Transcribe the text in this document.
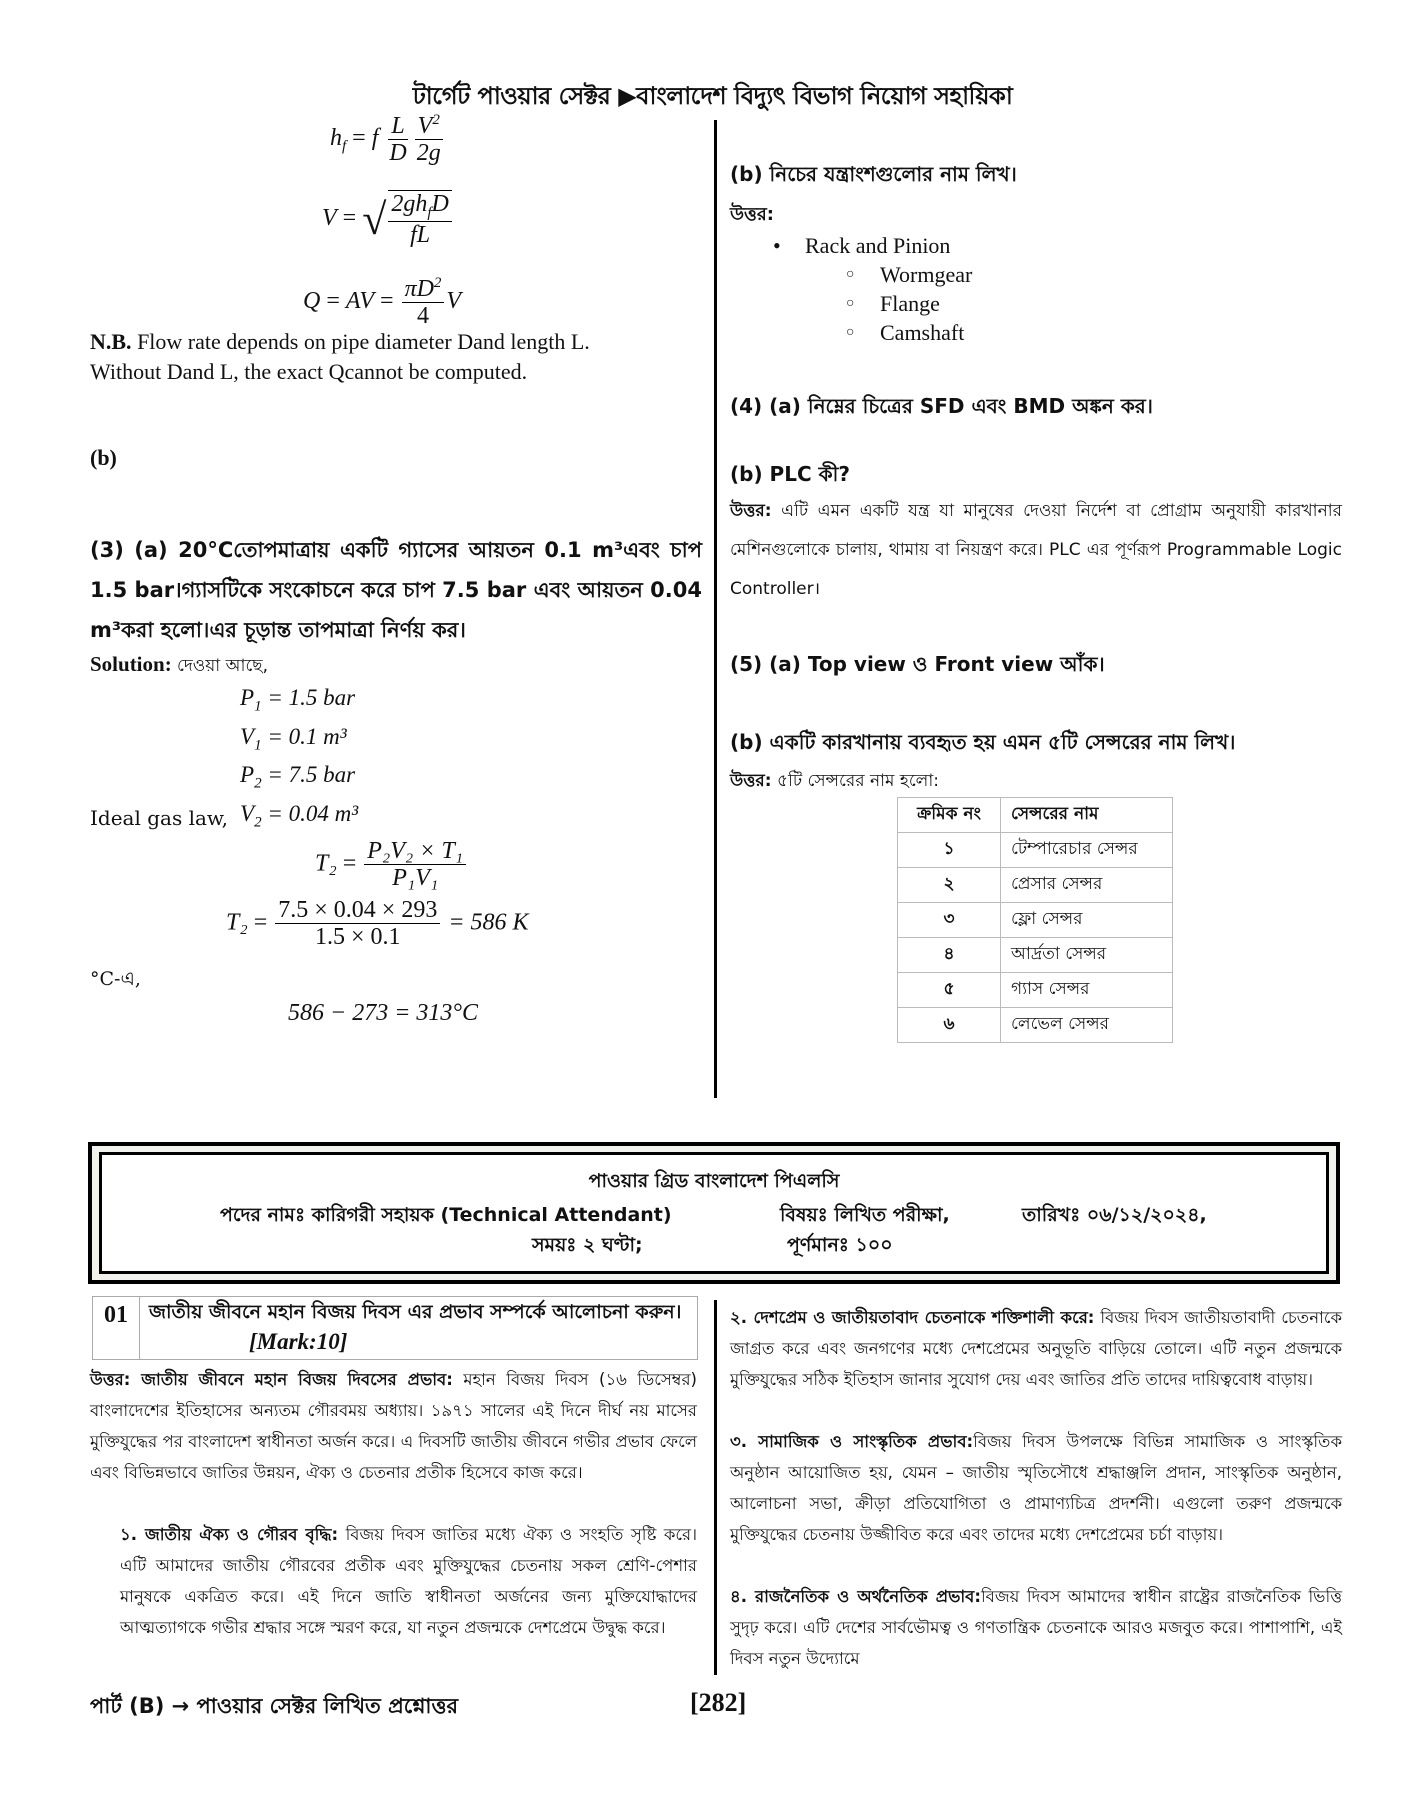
টার্গেট পাওয়ার সেক্টর ▶বাংলাদেশ বিদ্যুৎ বিভাগ নিয়োগ সহায়িকা
$h_f = f \frac{L}{D} \frac{V^2}{2g}$
V = √ $\frac{2gh_fD}{fL}$
Q = AV = $\frac{\pi D^2}{4}$ V
N.B. Flow rate depends on pipe diameter Dand length L.
Without Dand L, the exact Qcannot be computed.
(b)
(3) (a) 20°Cতোপমাত্রায় একটি গ্যাসের আয়তন 0.1 m³এবং চাপ 1.5 bar।গ্যাসটিকে সংকোচনে করে চাপ 7.5 bar এবং আয়তন 0.04 m³করা হলো।এর চূড়ান্ত তাপমাত্রা নির্ণয় কর।
Solution: দেওয়া আছে,
$P_1 = 1.5$ bar
$V_1 = 0.1$ m³
$P_2 = 7.5$ bar
$V_2 = 0.04$ m³
Ideal gas law,
$T_2 = \frac{\text{P₂V₂ × T₁}}{\text{P₁V₁}}$
$T_2 = \frac{7.5 \times 0.04 \times 293}{1.5 \times 0.1} = 586$ K
°C-এ,
586 − 273 = 313°C
(b) নিচের যন্ত্রাংশগুলোর নাম লিখ।
উত্তর:
• Rack and Pinion
○ Wormgear
○ Flange
○ Camshaft
(4) (a) নিম্নের চিত্রের SFD এবং BMD অঙ্কন কর।
(b) PLC কী?
উত্তর: এটি এমন একটি যন্ত্র যা মানুষের দেওয়া নির্দেশ বা প্রোগ্রাম অনুযায়ী কারখানার মেশিনগুলোকে চালায়, থামায় বা নিয়ন্ত্রণ করে। PLC এর পূর্ণরূপ Programmable Logic Controller।
(5) (a) Top view ও Front view আঁক।
(b) একটি কারখানায় ব্যবহৃত হয় এমন ৫টি সেন্সরের নাম লিখ।
উত্তর: ৫টি সেন্সরের নাম হলো:
ক্রমিক নং	সেন্সরের নাম
১	টেম্পারেচার সেন্সর
২	প্রেসার সেন্সর
৩	ফ্লো সেন্সর
৪	আর্দ্রতা সেন্সর
৫	গ্যাস সেন্সর
৬	লেভেল সেন্সর
পাওয়ার গ্রিড বাংলাদেশ পিএলসি
পদের নামঃ কারিগরী সহায়ক (Technical Attendant)	বিষয়ঃ লিখিত পরীক্ষা,	তারিখঃ ০৬/১২/২০২৪,
সময়ঃ ২ ঘণ্টা;	পূর্ণমানঃ ১০০
01	জাতীয় জীবনে মহান বিজয় দিবস এর প্রভাব সম্পর্কে আলোচনা করুন।[Mark:10]
উত্তর: জাতীয় জীবনে মহান বিজয় দিবসের প্রভাব: মহান বিজয় দিবস (১৬ ডিসেম্বর) বাংলাদেশের ইতিহাসের অন্যতম গৌরবময় অধ্যায়। ১৯৭১ সালের এই দিনে দীর্ঘ নয় মাসের মুক্তিযুদ্ধের পর বাংলাদেশ স্বাধীনতা অর্জন করে। এ দিবসটি জাতীয় জীবনে গভীর প্রভাব ফেলে এবং বিভিন্নভাবে জাতির উন্নয়ন, ঐক্য ও চেতনার প্রতীক হিসেবে কাজ করে।
১. জাতীয় ঐক্য ও গৌরব বৃদ্ধি: বিজয় দিবস জাতির মধ্যে ঐক্য ও সংহতি সৃষ্টি করে। এটি আমাদের জাতীয় গৌরবের প্রতীক এবং মুক্তিযুদ্ধের চেতনায় সকল শ্রেণি-পেশার মানুষকে একত্রিত করে। এই দিনে জাতি স্বাধীনতা অর্জনের জন্য মুক্তিযোদ্ধাদের আত্মত্যাগকে গভীর শ্রদ্ধার সঙ্গে স্মরণ করে, যা নতুন প্রজন্মকে দেশপ্রেমে উদ্বুদ্ধ করে।
২. দেশপ্রেম ও জাতীয়তাবাদ চেতনাকে শক্তিশালী করে: বিজয় দিবস জাতীয়তাবাদী চেতনাকে জাগ্রত করে এবং জনগণের মধ্যে দেশপ্রেমের অনুভূতি বাড়িয়ে তোলে। এটি নতুন প্রজন্মকে মুক্তিযুদ্ধের সঠিক ইতিহাস জানার সুযোগ দেয় এবং জাতির প্রতি তাদের দায়িত্ববোধ বাড়ায়।
৩. সামাজিক ও সাংস্কৃতিক প্রভাব:বিজয় দিবস উপলক্ষে বিভিন্ন সামাজিক ও সাংস্কৃতিক অনুষ্ঠান আয়োজিত হয়, যেমন – জাতীয় স্মৃতিসৌধে শ্রদ্ধাঞ্জলি প্রদান, সাংস্কৃতিক অনুষ্ঠান, আলোচনা সভা, ক্রীড়া প্রতিযোগিতা ও প্রামাণ্যচিত্র প্রদর্শনী। এগুলো তরুণ প্রজন্মকে মুক্তিযুদ্ধের চেতনায় উজ্জীবিত করে এবং তাদের মধ্যে দেশপ্রেমের চর্চা বাড়ায়।
৪. রাজনৈতিক ও অর্থনৈতিক প্রভাব:বিজয় দিবস আমাদের স্বাধীন রাষ্ট্রের রাজনৈতিক ভিত্তি সুদৃঢ় করে। এটি দেশের সার্বভৌমত্ব ও গণতান্ত্রিক চেতনাকে আরও মজবুত করে। পাশাপাশি, এই দিবস নতুন উদ্যোমে
পার্ট (B) → পাওয়ার সেক্টর লিখিত প্রশ্নোত্তর	[282]
